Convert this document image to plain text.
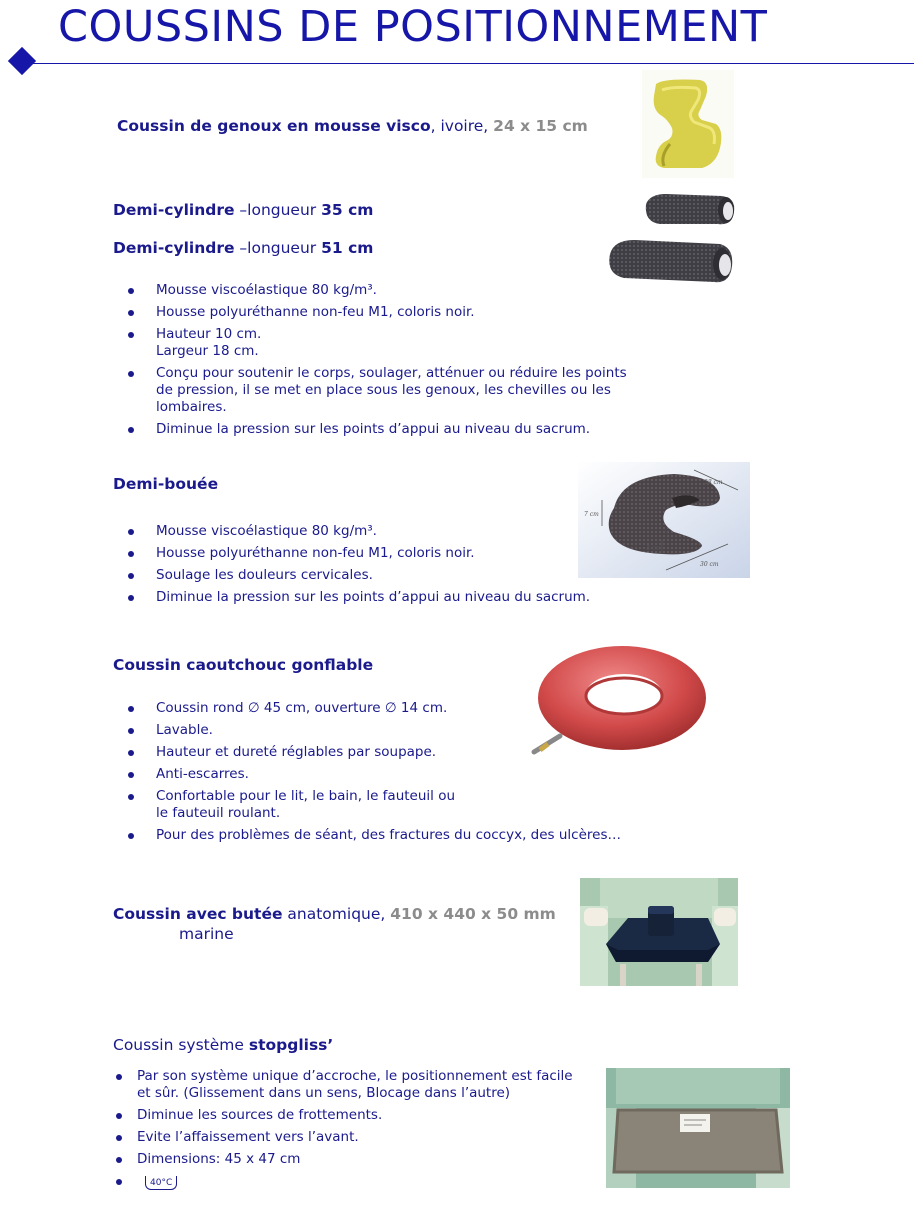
COUSSINS DE POSITIONNEMENT
Coussin de genoux en mousse visco, ivoire, 24 x 15 cm
Demi-cylindre –longueur 35 cm
Demi-cylindre –longueur 51 cm
Mousse viscoélastique 80 kg/m³.
Housse polyuréthanne non-feu M1, coloris noir.
Hauteur 10 cm.
Largeur 18 cm.
Conçu pour soutenir le corps, soulager, atténuer ou réduire les points de pression, il se met en place sous les genoux, les chevilles ou les lombaires.
Diminue la pression sur les points d’appui au niveau du sacrum.
Demi-bouée	28 cm
7 cm
3 cm
30 cm
Mousse viscoélastique 80 kg/m³.
Housse polyuréthanne non-feu M1, coloris noir.
Soulage les douleurs cervicales.
Diminue la pression sur les points d’appui au niveau du sacrum.
Coussin caoutchouc gonflable
Coussin rond ∅ 45 cm, ouverture ∅ 14 cm.
Lavable.
Hauteur et dureté réglables par soupape.
Anti-escarres.
Confortable pour le lit, le bain, le fauteuil ou
le fauteuil roulant.
Pour des problèmes de séant, des fractures du coccyx, des ulcères…
Coussin avec butée anatomique, 410 x 440 x 50 mm
marine
Coussin système stopgliss’
Par son système unique d’accroche, le positionnement est facile et sûr. (Glissement dans un sens, Blocage dans l’autre)
Diminue les sources de frottements.
Evite l’affaissement vers l’avant.
Dimensions: 45 x 47 cm
40°C
